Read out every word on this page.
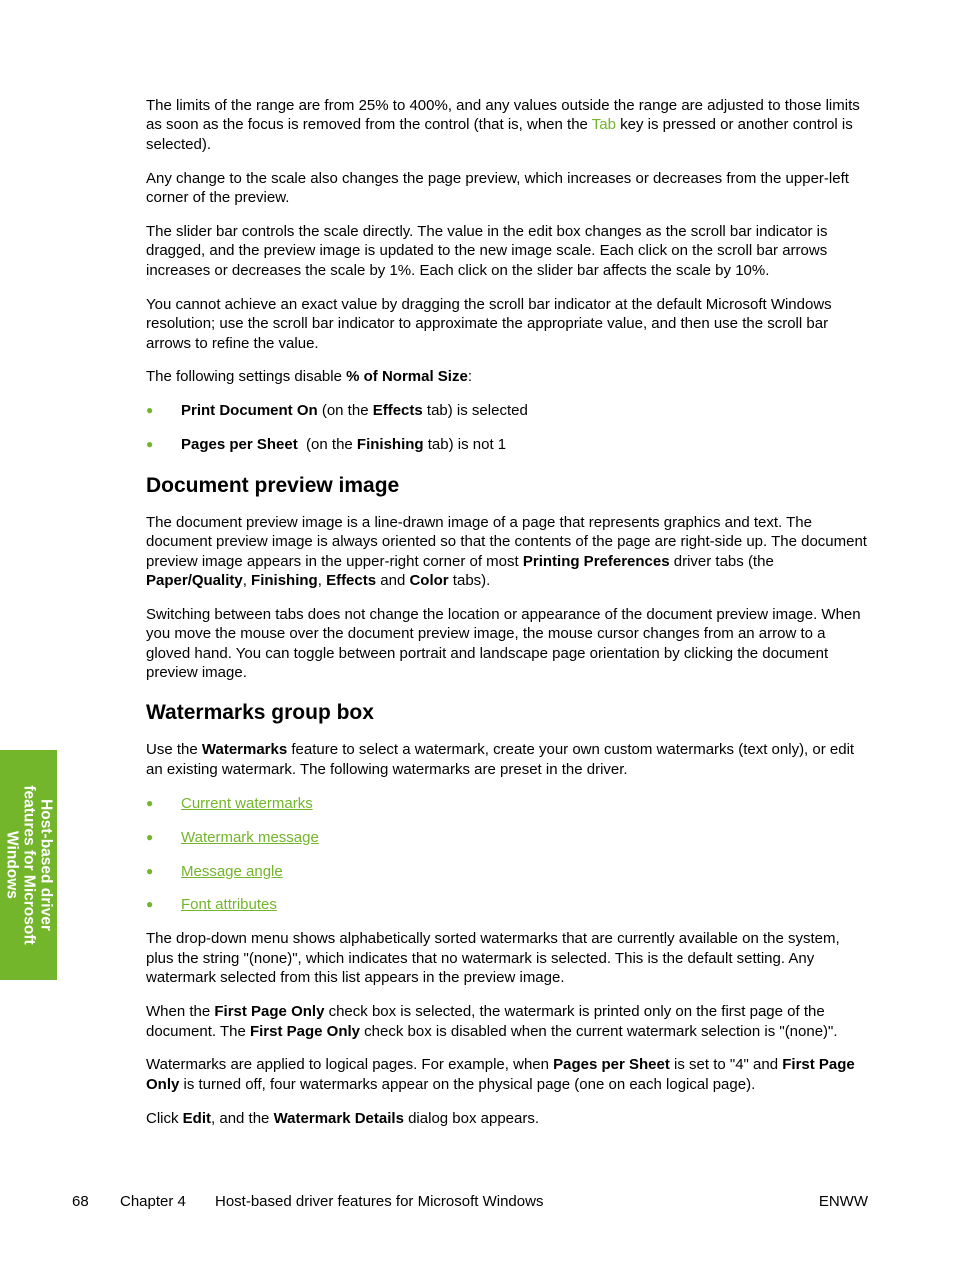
The limits of the range are from 25% to 400%, and any values outside the range are adjusted to those limits as soon as the focus is removed from the control (that is, when the Tab key is pressed or another control is selected).

Any change to the scale also changes the page preview, which increases or decreases from the upper-left corner of the preview.

The slider bar controls the scale directly. The value in the edit box changes as the scroll bar indicator is dragged, and the preview image is updated to the new image scale. Each click on the scroll bar arrows increases or decreases the scale by 1%. Each click on the slider bar affects the scale by 10%.

You cannot achieve an exact value by dragging the scroll bar indicator at the default Microsoft Windows resolution; use the scroll bar indicator to approximate the appropriate value, and then use the scroll bar arrows to refine the value.

The following settings disable % of Normal Size:

● Print Document On (on the Effects tab) is selected
● Pages per Sheet  (on the Finishing tab) is not 1
Document preview image

The document preview image is a line-drawn image of a page that represents graphics and text. The document preview image is always oriented so that the contents of the page are right-side up. The document preview image appears in the upper-right corner of most Printing Preferences driver tabs (the Paper/Quality, Finishing, Effects and Color tabs).

Switching between tabs does not change the location or appearance of the document preview image. When you move the mouse over the document preview image, the mouse cursor changes from an arrow to a gloved hand. You can toggle between portrait and landscape page orientation by clicking the document preview image.

Watermarks group box

Use the Watermarks feature to select a watermark, create your own custom watermarks (text only), or edit an existing watermark. The following watermarks are preset in the driver.

● Current watermarks
● Watermark message
● Message angle
● Font attributes

The drop-down menu shows alphabetically sorted watermarks that are currently available on the system, plus the string "(none)", which indicates that no watermark is selected. This is the default setting. Any watermark selected from this list appears in the preview image.

When the First Page Only check box is selected, the watermark is printed only on the first page of the document. The First Page Only check box is disabled when the current watermark selection is "(none)".

Watermarks are applied to logical pages. For example, when Pages per Sheet is set to "4" and First Page Only is turned off, four watermarks appear on the physical page (one on each logical page).

Click Edit, and the Watermark Details dialog box appears.

Host-based driver
features for Microsoft
Windows
68 Chapter 4 Host-based driver features for Microsoft Windows	ENWW
